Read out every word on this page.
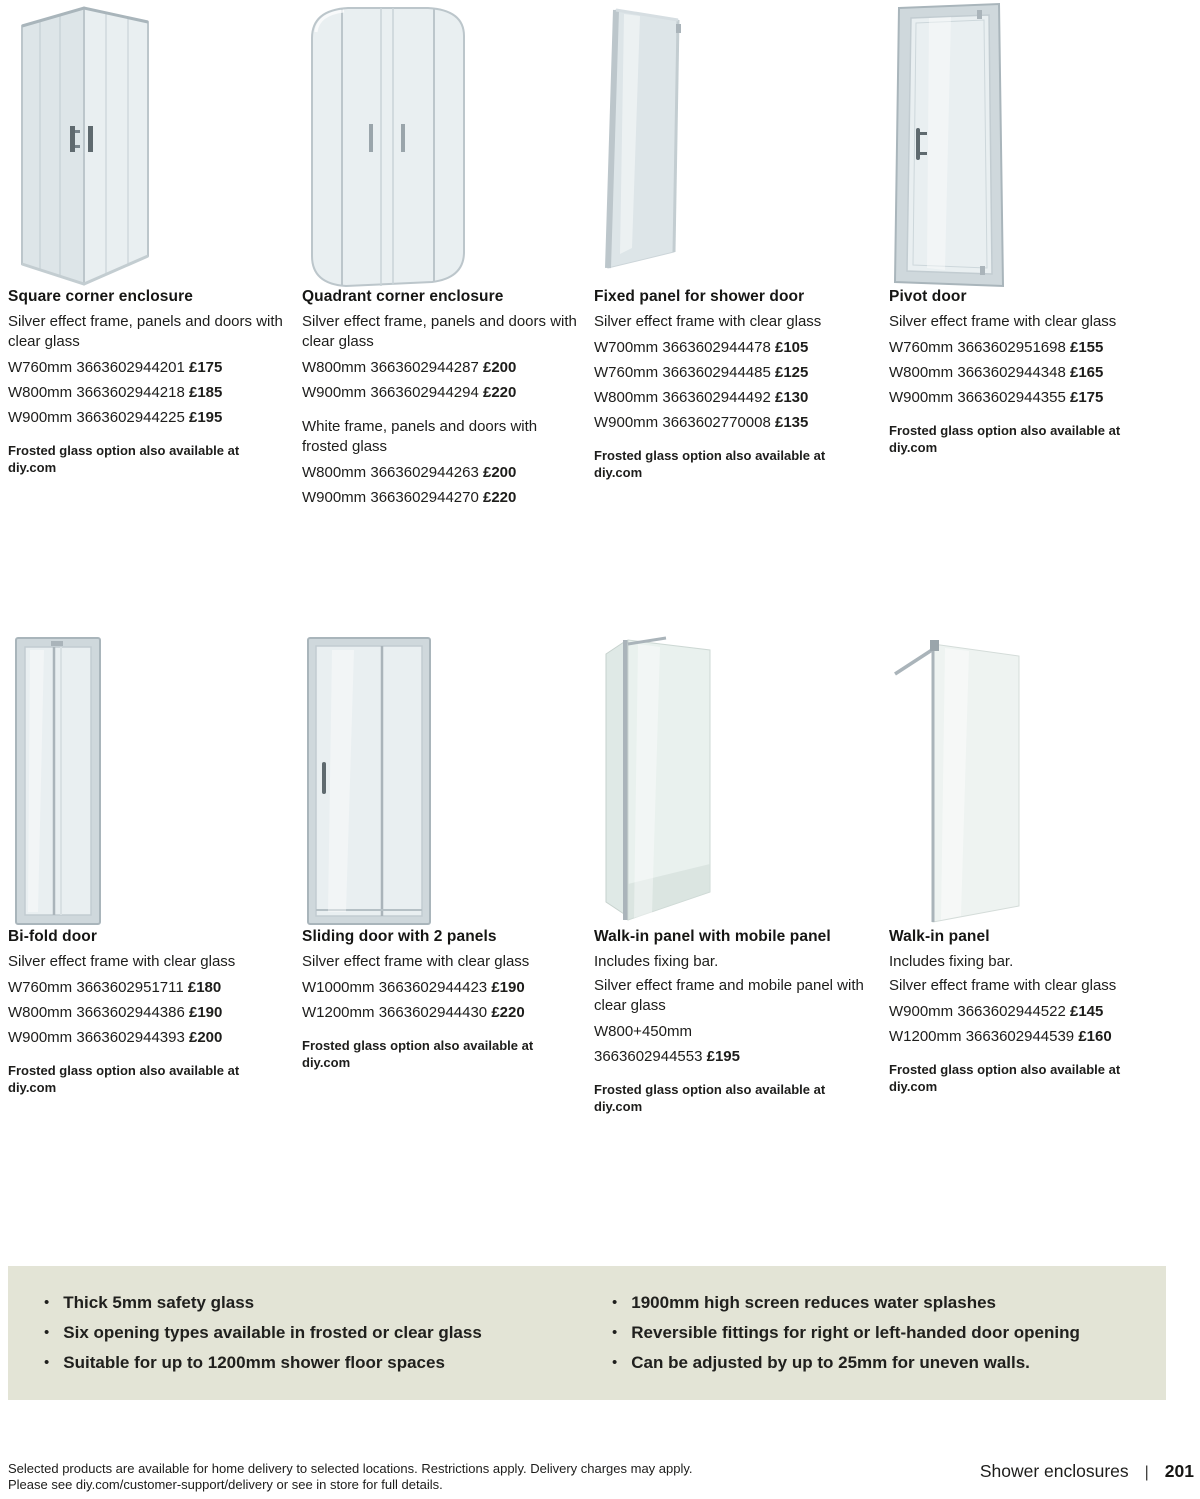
Square corner enclosure

Silver effect frame, panels and doors with clear glass

W760mm 3663602944201 £175
W800mm 3663602944218 £185
W900mm 3663602944225 £195

Frosted glass option also available at diy.com

Quadrant corner enclosure

Silver effect frame, panels and doors with clear glass

W800mm 3663602944287 £200
W900mm 3663602944294 £220

White frame, panels and doors with frosted glass

W800mm 3663602944263 £200
W900mm 3663602944270 £220
Fixed panel for shower door

Silver effect frame with clear glass

W700mm 3663602944478 £105
W760mm 3663602944485 £125
W800mm 3663602944492 £130
W900mm 3663602770008 £135

Frosted glass option also available at diy.com

Pivot door

Silver effect frame with clear glass

W760mm 3663602951698 £155
W800mm 3663602944348 £165
W900mm 3663602944355 £175

Frosted glass option also available at diy.com

Bi-fold door

Silver effect frame with clear glass

W760mm 3663602951711 £180
W800mm 3663602944386 £190
W900mm 3663602944393 £200

Frosted glass option also available at diy.com

Sliding door with 2 panels

Silver effect frame with clear glass

W1000mm 3663602944423 £190
W1200mm 3663602944430 £220

Frosted glass option also available at diy.com

Walk-in panel with mobile panel

Includes fixing bar.

Silver effect frame and mobile panel with clear glass

W800+450mm
3663602944553 £195

Frosted glass option also available at diy.com

Walk-in panel

Includes fixing bar.

Silver effect frame with clear glass

W900mm 3663602944522 £145
W1200mm 3663602944539 £160

Frosted glass option also available at diy.com

• Thick 5mm safety glass
• Six opening types available in frosted or clear glass
• Suitable for up to 1200mm shower floor spaces
• 1900mm high screen reduces water splashes
• Reversible fittings for right or left-handed door opening
• Can be adjusted by up to 25mm for uneven walls.
Selected products are available for home delivery to selected locations. Restrictions apply. Delivery charges may apply.
Please see diy.com/customer-support/delivery or see in store for full details.
Shower enclosures | 201
